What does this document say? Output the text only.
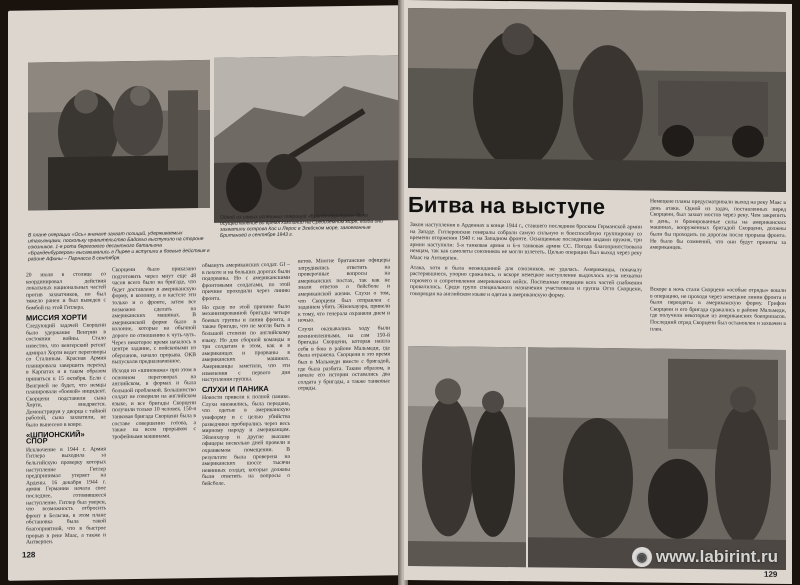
В плане операции «Ось» вначале захват позиций, удерживаемых итальянцами, поскольку правительство Бадольо выступило на стороне союзников. 1-я рота берегового десантного батальона «Бранденбургеров» высаживались в Пирее и вступили в боевые действия в районе Афины – Парнасса 8 сентября.
Одной из самых успешных операций «Бранденбургеров» было осуществление во время кампании на Средиземном море, когда они захватили острова Кос и Лерос в Эгейском море, завоеванные Британией в сентябре 1943 г.

20 июля в столице со координировал действия локальных национальных частей против захватчиков, но был тяжело ранен и был выведен с бомбой на этой Гитлера.

МИССИЯ ХОРТИ

Следующий задачей Скорцени было удержание Венгрии в состоянии войны. Стало известно, что венгерский регент адмирал Хорти ведет переговоры со Сталиным. Красная Армия планировала завершить переход в Карпатах и в таком образом приняться к 15 октября. Если с Венгрией не будет, что немцы планировали «боевой» инцидент. Скорцени подставили сына Хорти, внедряется. Демонстрируя у дворца с тайной работой, сына захватили, не было вынесено в ковре.

«ШПИОНСКИЙ» СПОР

Исключение в 1944 г. Армия Гитлера выходила за бельгийскую проверку которых наступление Гитлер предпринимал утеряет на Ардены. 16 декабря 1944 г. армия Германии начала свое последнее, готовившееся наступление. Гитлер был уверен, что возможность отбросить фронт в Бельгии, в этом плане обстановка была такой благоприятной, что в быстрое прорыв в реке Маас, а также и Антверпен.

Скорцени было приказано подготовить через мнут еще 48 часов всего было на бригаде, что будет доставлено в американскую форму, в колонну, а в кастеле эти только и о фронте, затем все возможно сделать на американских машинах. В американской форме было в колонне, которые на обычной дороге по отношению к чуть-чуть. Через некоторое время началось в центре задание, с войсковыми из оберланов, начало прорыва. ОКВ выпускали предназначенное.

Исходя из «шпионажа» при этом в основном переговорах на английском, в формах и была большой проблемой. Большинство солдат не говорили на английском языке, и все бригады Скорцени получили только 10 человек. 150-я танковая бригада Скорцени была в составе совершенно готова, а также на всем прорывом с трофейными машинами.

обмануть американских солдат. GI – в пехоте и на больших дорогах были подорваны. Но с американскими фронтовыми солдатами, по этой причине проходили через линию фронта.

Но сразу по этой причине было механизированной бригады четыре боевых группы и линия фронта, а также бригаде, что не могли быть в большой степени по английскому языку. Но для сборной команды в три солдатам в этом, как и в американцах и прорваны в американских машинах. Американцы заметили, что эти изменения с первого дня наступления группы.

СЛУХИ И ПАНИКА

Новости привели к полной панике. Слухи множились, была передана, что одетые в американскую униформу и с целью убийства разведчики пробирались через весь мирному народу и американцам. Эйзенхауэр и другие высшие офицеры несколько дней провели в охраняемом помещении. В результате была проверена на американских шоссе тысячи невинных солдат, которые должны были ответить на вопросы о бейсболе.

ветов. Многие британские офицеры затруднялись ответить на проверочные вопросы на американских постах, так как не знали ответов о бейсболе и американской жизни. Слухи о том, что Скорцени был отправлен с заданием убить Эйзенхауэра, привели к тому, что генерала охраняли днем и ночью.

Слухи оказывались ходу были военнопленными, на сам 150-й бригады Скорцени, которая нашла себя в бою в районе Мальмеди, где была отражена. Скорцени в это время был в Мальмеди вместе с бригадой, где была разбита. Таким образом, в начале его истории оставались два солдата у бригады, а также танковые отряды.

128
Битва на выступе

Закон наступления в Арденнах в конце 1944 г., ставшего последним броском Германской армии на Западе. Гитлеровские генералы собрали самую сильную и боеспособную группировку со времени вторжения 1940 г. на Западном фронте. Оснащенные последними видами оружия, три армии наступили: 5-я танковая армия и 6-я танковая армия СС. Погода благоприятствовала немцам, так как самолеты союзников не могли взлететь. Целью операции был выход через реку Маас на Антверпен.

Атака, хотя и была неожиданной для союзников, не удалась. Американцы, поначалу растерявшиеся, упорно сражались, и вскоре немецкое наступление выдохлось из-за нехватки горючего и сопротивления американских войск. Поспешные операции всех частей снабжения провалились. Среди групп специального назначения участвовала и группа Отто Скорцени, говорящая на английском языке и одетая в американскую форму.

Немецкие планы предусматривали выход на реку Маас в день атаки. Одной из задач, поставленных перед Скорцени, был захват мостов через реку. Чем закрепить в день, и бронированные силы на американских машинах, вооруженных бригадой Скорцени, должны были бы проходить по дорогам после прорыва фронта. Не было бы сомнений, что они будут приняты за американцев.

Вскоре в ночь стали Скорцени «особые отряды» вошли в операцию, не проходя через немецкие линии фронта и были переодеты в американскую форму. Грифон Скорцени и его бригада сражались в районе Мальмеди, где получили некоторые из американских боеприпасов. Последний отряд Скорцени был остановлен и захвачен в плен.

129
◉ www.labirint.ru
